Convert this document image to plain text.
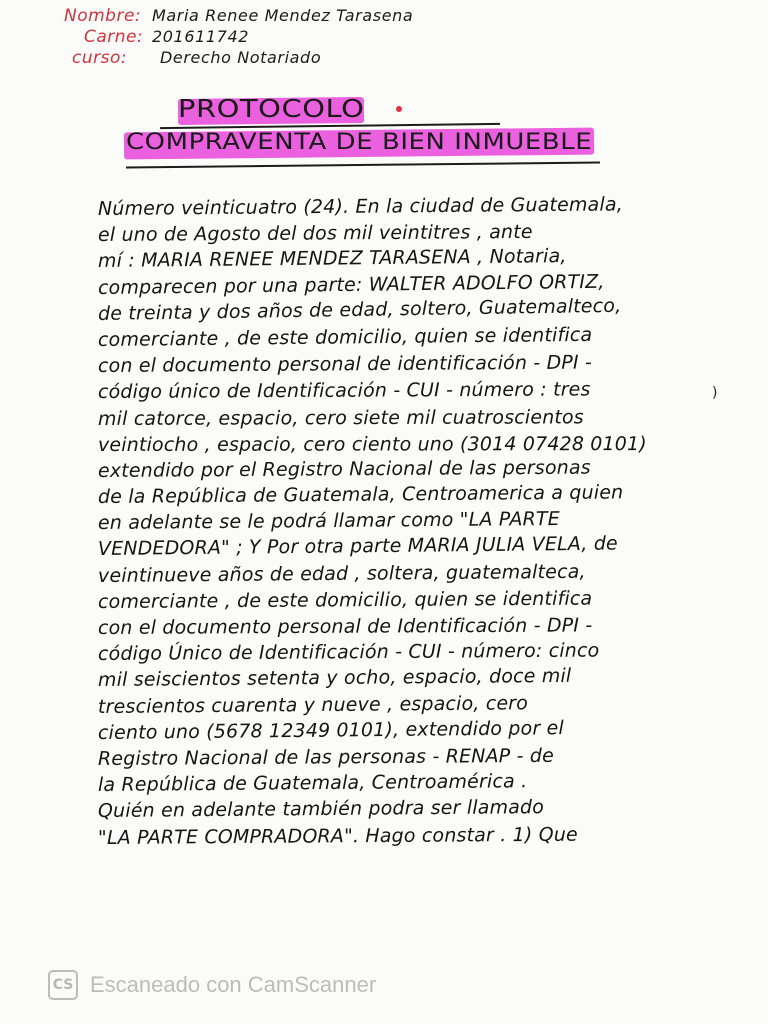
Nombre: Maria Renee Mendez Tarasena
Carne: 201611742
curso:	Derecho Notariado
PROTOCOLO
COMPRAVENTA DE BIEN INMUEBLE
Número veinticuatro (24). En la ciudad de Guatemala,
el uno de Agosto del dos mil veintitres , ante
mí : MARIA RENEE MENDEZ TARASENA , Notaria,
comparecen por una parte: WALTER ADOLFO ORTIZ,
de treinta y dos años de edad, soltero, Guatemalteco,
comerciante , de este domicilio, quien se identifica
con el documento personal de identificación - DPI -
código único de Identificación - CUI - número : tres
mil catorce, espacio, cero siete mil cuatroscientos
veintiocho , espacio, cero ciento uno (3014 07428 0101)
extendido por el Registro Nacional de las personas
de la República de Guatemala, Centroamerica a quien
en adelante se le podrá llamar como "LA PARTE
VENDEDORA" ; Y Por otra parte MARIA JULIA VELA, de
veintinueve años de edad , soltera, guatemalteca,
comerciante , de este domicilio, quien se identifica
con el documento personal de Identificación - DPI -
código Único de Identificación - CUI - número: cinco
mil seiscientos setenta y ocho, espacio, doce mil
trescientos cuarenta y nueve , espacio, cero
ciento uno (5678 12349 0101), extendido por el
Registro Nacional de las personas - RENAP - de
la República de Guatemala, Centroamérica .
Quién en adelante también podra ser llamado
"LA PARTE COMPRADORA". Hago constar . 1) Que
)
CS Escaneado con CamScanner
